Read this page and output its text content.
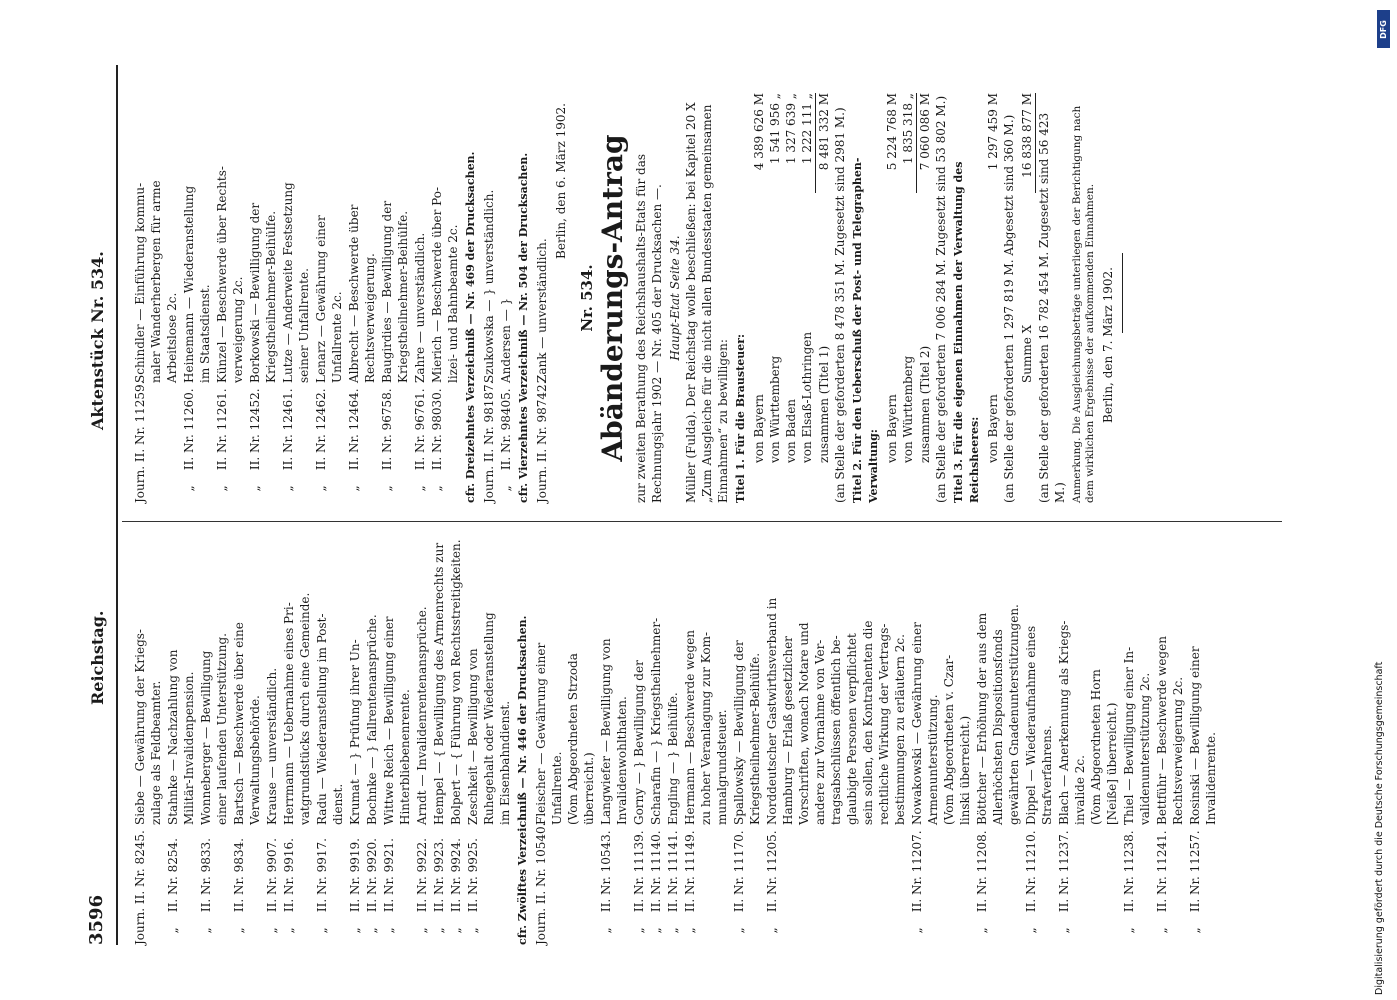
3596
Reichstag.
Aktenstück Nr. 534.
Journ. II. Nr. 8245.
Siebe — Gewährung der Kriegs- zulage als Feldbeamter.
„    II. Nr. 8254.
Stahnke — Nachzahlung von Militär-Invalidenpension.
„    II. Nr. 9833.
Wonneberger — Bewilligung einer laufenden Unterstützung.
„    II. Nr. 9834.
Bartsch — Beschwerde über eine Verwaltungsbehörde.
„    II. Nr. 9907.
Krause — unverständlich.
„    II. Nr. 9916.
Herrmann — Uebernahme eines Pri- vatgrundstücks durch eine Gemeinde.
„    II. Nr. 9917.
Radu — Wiederanstellung im Post- dienst.
„    II. Nr. 9919.
Krumat — } Prüfung ihrer Un-
„    II. Nr. 9920.
Bochnke — } fallrentenansprüche.
„    II. Nr. 9921.
Wittwe Reich — Bewilligung einer Hinterbliebenenrente.
„    II. Nr. 9922.
Arndt — Invalidenrentenansprüche.
„    II. Nr. 9923.
Hempel — { Bewilligung des Armenrechts zur
„    II. Nr. 9924.
Bolpert — { Führung von Rechtsstreitigkeiten.
„    II. Nr. 9925.
Zeschkeit — Bewilligung von Ruhegehalt oder Wiederanstellung im Eisenbahndienst. cfr. Zwölftes Verzeichniß — Nr. 446 der Drucksachen. Journ. II. Nr. 10540.
Fleischer — Gewährung einer Unfallrente. (Vom Abgeordneten Strzoda überreicht.)
„    II. Nr. 10543.
Langwiefer — Bewilligung von Invalidenwohlthaten.
„    II. Nr. 11139.
Gorny — } Bewilligung der
„    II. Nr. 11140.
Scharafin — } Kriegstheilnehmer-
„    II. Nr. 11141.
Engling — } Beihülfe.
„    II. Nr. 11149.
Hermann — Beschwerde wegen zu hoher Veranlagung zur Kom- munalgrundsteuer.
„    II. Nr. 11170.
Spallowsky — Bewilligung der Kriegstheilnehmer-Beihülfe.
„    II. Nr. 11205.
Norddeutscher Gastwirthsverband in Hamburg — Erlaß gesetzlicher Vorschriften, wonach Notare und andere zur Vornahme von Ver- tragsabschlüssen öffentlich be- glaubigte Personen verpflichtet sein sollen, den Kontrahenten die rechtliche Wirkung der Vertrags- bestimmungen zu erläutern 2c.
„    II. Nr. 11207.
Nowakowski — Gewährung einer Armenunterstützung. (Vom Abgeordneten v. Czar- linski überreicht.)
„    II. Nr. 11208.
Böttcher — Erhöhung der aus dem Allerhöchsten Dispositionsfonds gewährten Gnadenunterstützungen.
„    II. Nr. 11210.
Dippel — Wiederaufnahme eines Strafverfahrens.
„    II. Nr. 11237.
Blach — Anerkennung als Kriegs- invalide 2c. (Vom Abgeordneten Horn [Neiße] überreicht.)
„    II. Nr. 11238.
Thiel — Bewilligung einer In- validenunterstützung 2c.
„    II. Nr. 11241.
Bettführ — Beschwerde wegen Rechtsverweigerung 2c.
„    II. Nr. 11257.
Rosinski — Bewilligung einer Invalidenrente.
Journ. II. Nr. 11259.
Schindler — Einführung kommu- naler Wanderherbergen für arme Arbeitslose 2c.
„    II. Nr. 11260.
Heinemann — Wiederanstellung im Staatsdienst.
„    II. Nr. 11261.
Künzel — Beschwerde über Rechts- verweigerung 2c.
„    II. Nr. 12452.
Borkowski — Bewilligung der Kriegstheilnehmer-Beihülfe.
„    II. Nr. 12461.
Lutze — Anderweite Festsetzung seiner Unfallrente.
„    II. Nr. 12462.
Lenarz — Gewährung einer Unfallrente 2c.
„    II. Nr. 12464.
Albrecht — Beschwerde über Rechtsverweigerung.
„    II. Nr. 96758.
Baugirdies — Bewilligung der Kriegstheilnehmer-Beihülfe.
„    II. Nr. 96761.
Zahre — unverständlich.
„    II. Nr. 98030.
Mierich — Beschwerde über Po- lizei- und Bahnbeamte 2c. cfr. Dreizehntes Verzeichniß — Nr. 469 der Drucksachen. Journ. II. Nr. 98187.
Szukowska — } unverständlich.
„    II. Nr. 98405.
Andersen — } cfr. Vierzehntes Verzeichniß — Nr. 504 der Drucksachen. Journ. II. Nr. 98742.
Zank — unverständlich.
Berlin, den 6. März 1902.
Nr. 534. Abänderungs-Antrag zur zweiten Berathung des Reichshaushalts-Etats für das Rechnungsjahr 1902 — Nr. 405 der Drucksachen —. Haupt-Etat Seite 34. Müller (Fulda). Der Reichstag wolle beschließen: bei Kapitel 20 X „Zum Ausgleiche für die nicht allen Bundesstaaten gemeinsamen Einnahmen“ zu bewilligen: Titel 1. Für die Brausteuer: von Bayern
4 389 626 M
von Württemberg
1 541 956 „
von Baden
1 327 639 „
von Elsaß-Lothringen
1 222 111 „
zusammen (Titel 1)
8 481 332 M (an Stelle der geforderten 8 478 351 M. Zugesetzt sind 2981 M.) Titel 2. Für den Ueberschuß der Post- und Telegraphen-Verwaltung:
von Bayern
5 224 768 M
von Württemberg
1 835 318 „
zusammen (Titel 2)
7 060 086 M (an Stelle der geforderten 7 006 284 M. Zugesetzt sind 53 802 M.) Titel 3. Für die eigenen Einnahmen der Verwaltung des Reichsheeres: von Bayern
1 297 459 M (an Stelle der geforderten 1 297 819 M. Abgesetzt sind 360 M.) Summe X
16 838 877 M (an Stelle der geforderten 16 782 454 M. Zugesetzt sind 56 423 M.) Anmerkung. Die Ausgleichungsbeträge unterliegen der Berichtigung nach dem wirklichen Ergebnisse der aufkommenden Einnahmen. Berlin, den 7. März 1902.
Digitalisierung gefördert durch die Deutsche Forschungsgemeinschaft
DFG
